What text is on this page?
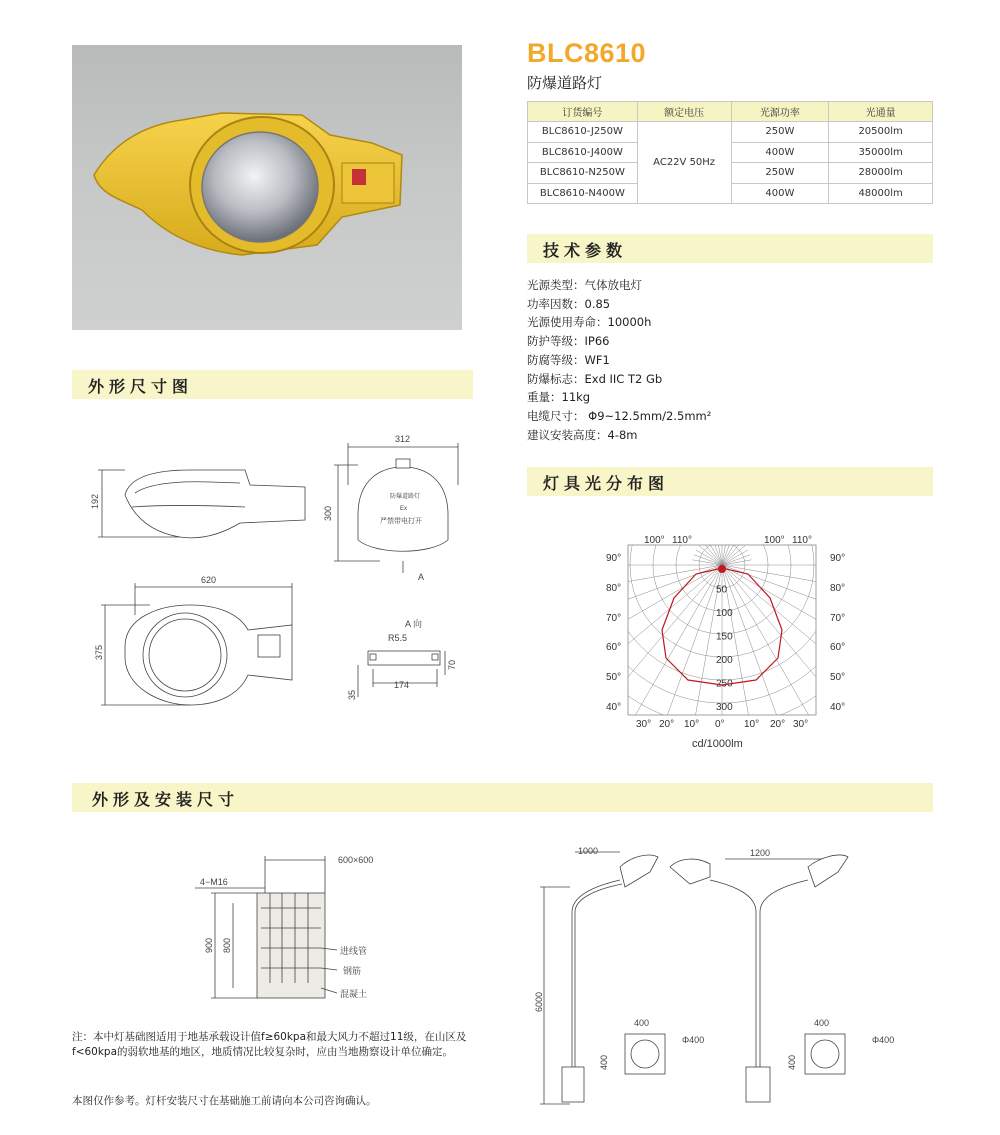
BLC8610
防爆道路灯
订货编号	额定电压	光源功率	光通量
BLC8610-J250W	AC22V 50Hz	250W	20500lm
BLC8610-J400W		400W	35000lm
BLC8610-N250W		250W	28000lm
BLC8610-N400W		400W	48000lm
技术参数
外形尺寸图
灯具光分布图
外形及安装尺寸
光源类型：气体放电灯
功率因数：0.85
光源使用寿命：10000h
防护等级：IP66
防腐等级：WF1
防爆标志：Exd IIC T2 Gb
重量：11kg
电缆尺寸： Φ9~12.5mm/2.5mm²
建议安装高度：4-8m
192
312
300
防爆道路灯
Ex
严禁带电打开
A
620
375
A 向
R5.5
174
70
35
50
100
150
200
250
300
90°
80°
70°
60°
50°
40°
90°
80°
70°
60°
50°
40°
30° 20° 10° 0° 10° 20° 30°
100° 110°	100° 110°
cd/1000lm
600×600
4−M16
900 800	进线管
钢筋
混凝土
1000	1200
6000
400	400
Φ400	Φ400
400	400
注：本中灯基础图适用于地基承载设计值f≥60kpa和最大风力不超过11级，在山区及f<60kpa的弱软地基的地区，地质情况比较复杂时，应由当地勘察设计单位确定。
本图仅作参考。灯杆安装尺寸在基础施工前请向本公司咨询确认。
